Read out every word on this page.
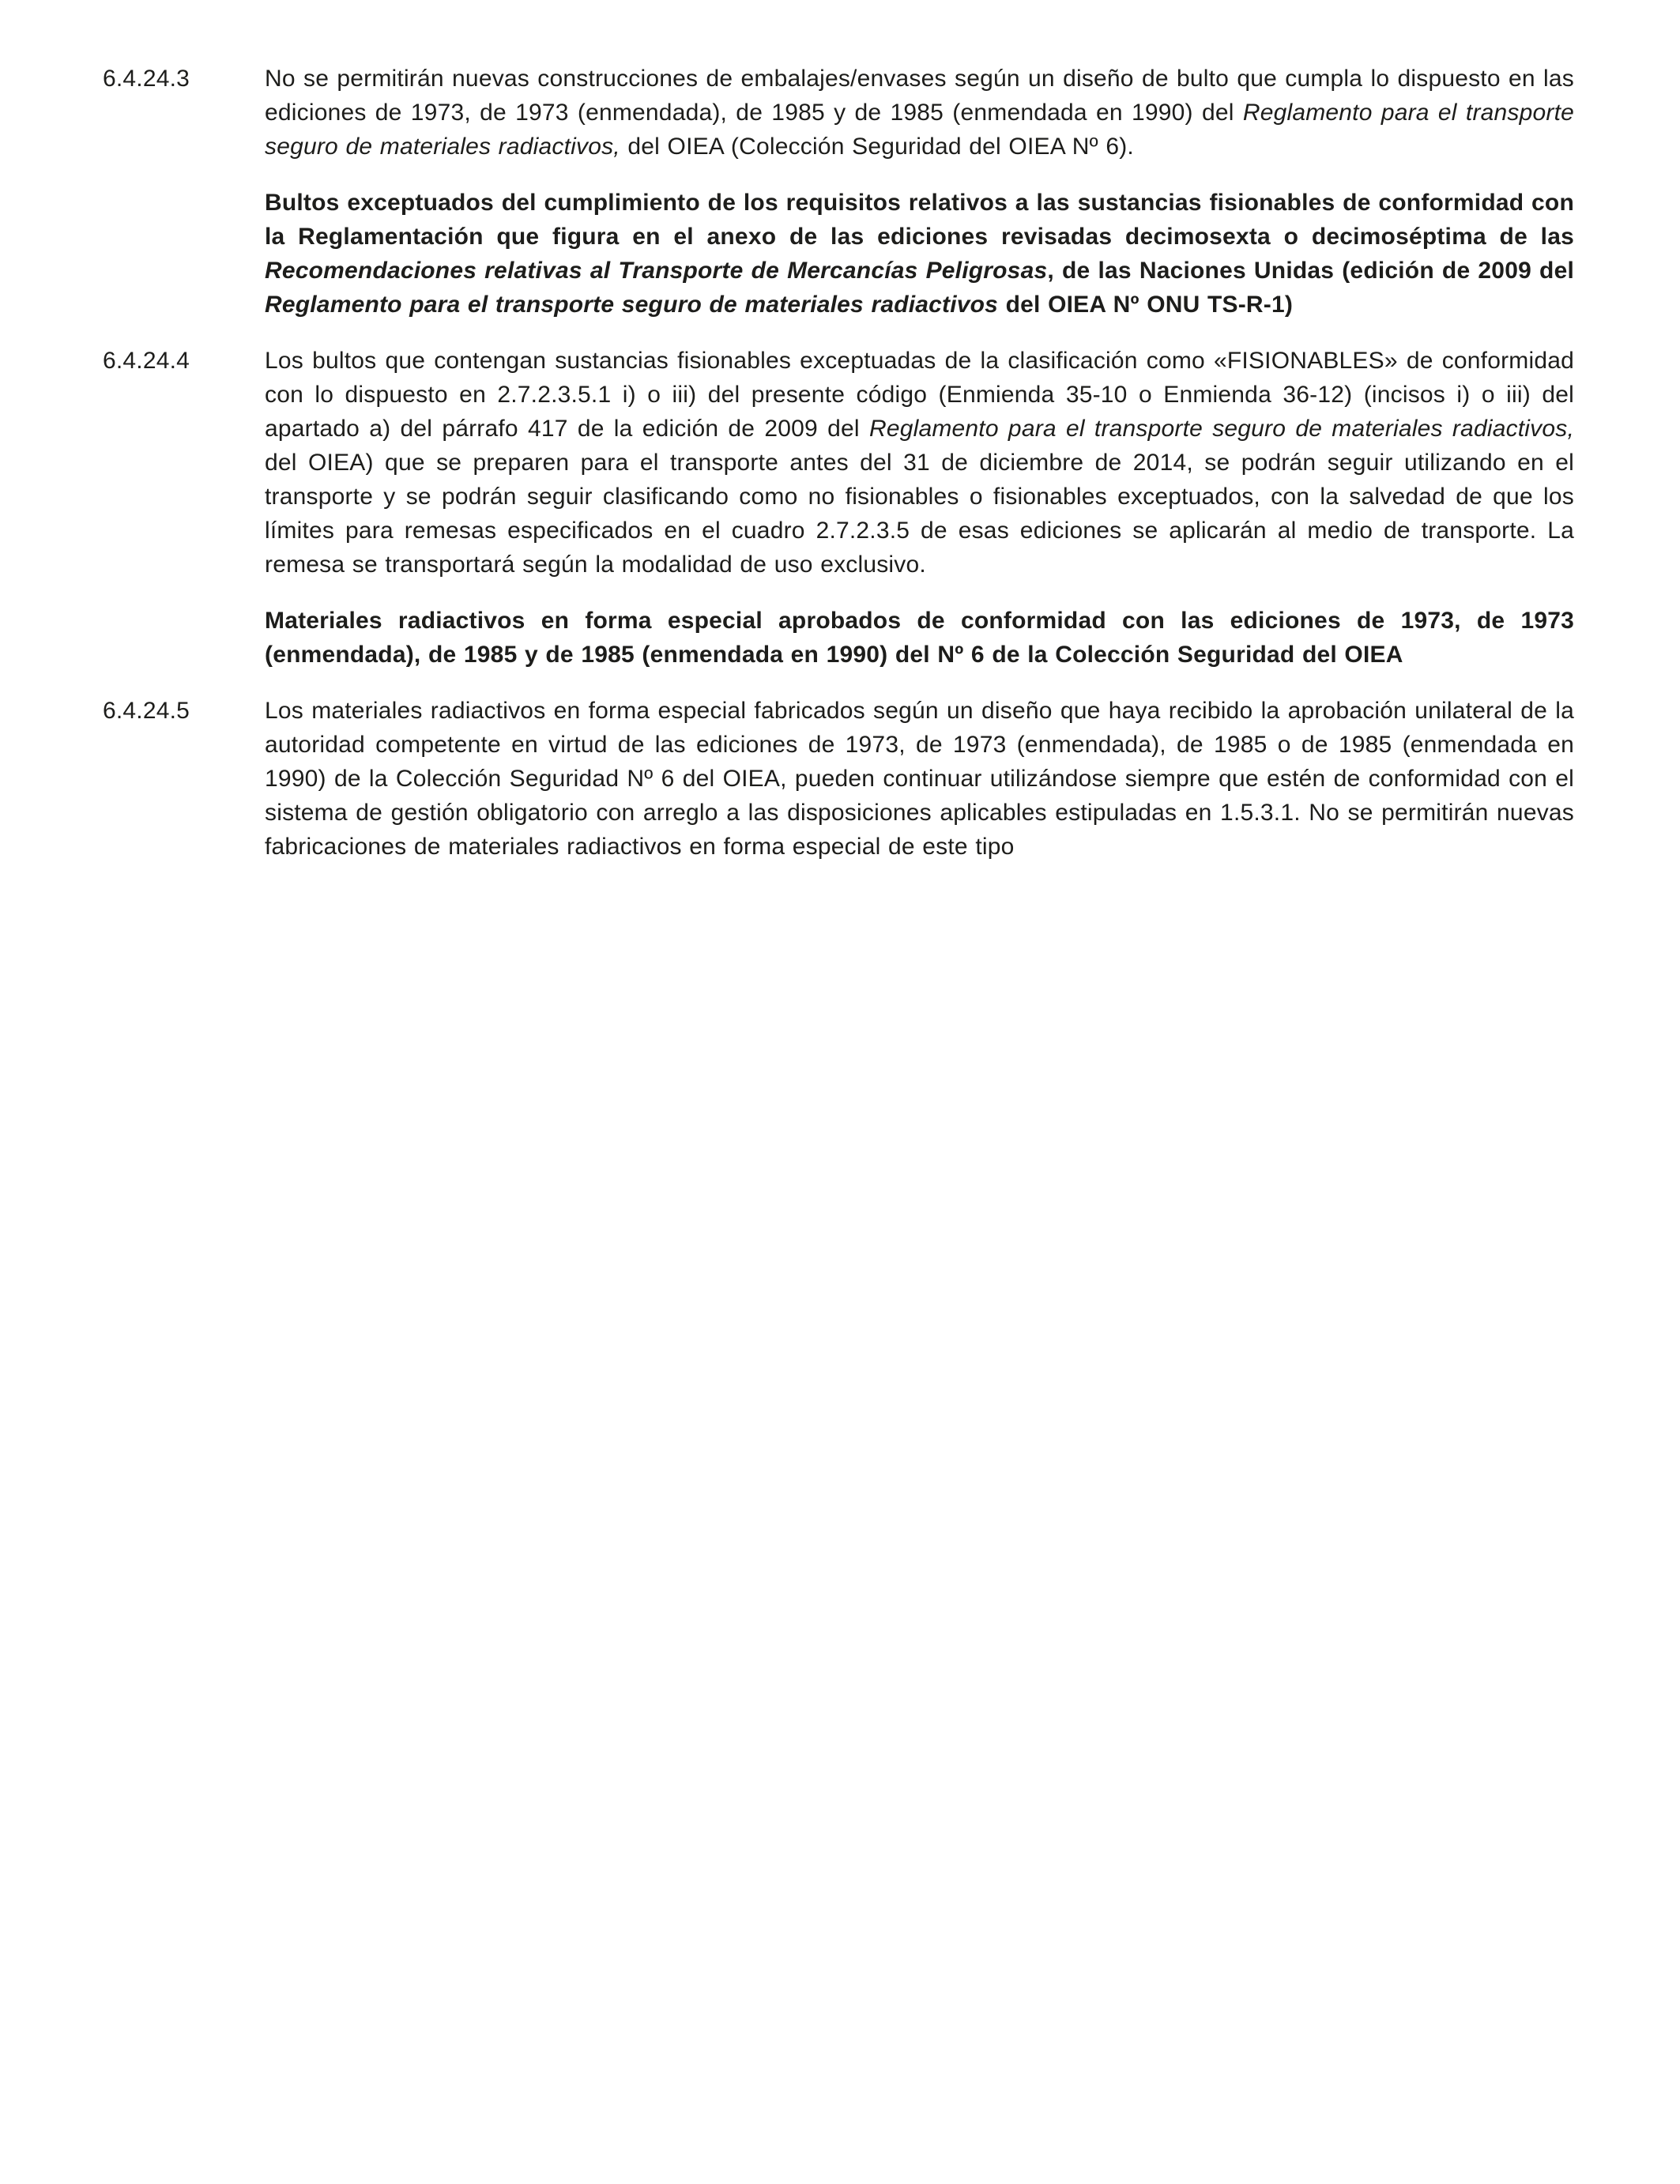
6.4.24.3	No se permitirán nuevas construcciones de embalajes/envases según un diseño de bulto que cumpla lo dispuesto en las ediciones de 1973, de 1973 (enmendada), de 1985 y de 1985 (enmendada en 1990) del Reglamento para el transporte seguro de materiales radiactivos, del OIEA (Colección Seguridad del OIEA Nº 6).
Bultos exceptuados del cumplimiento de los requisitos relativos a las sustancias fisionables de conformidad con la Reglamentación que figura en el anexo de las ediciones revisadas decimosexta o decimoséptima de las Recomendaciones relativas al Transporte de Mercancías Peligrosas, de las Naciones Unidas (edición de 2009 del Reglamento para el transporte seguro de materiales radiactivos del OIEA Nº ONU TS-R-1)
6.4.24.4	Los bultos que contengan sustancias fisionables exceptuadas de la clasificación como «FISIONABLES» de conformidad con lo dispuesto en 2.7.2.3.5.1 i) o iii) del presente código (Enmienda 35-10 o Enmienda 36-12) (incisos i) o iii) del apartado a) del párrafo 417 de la edición de 2009 del Reglamento para el transporte seguro de materiales radiactivos, del OIEA) que se preparen para el transporte antes del 31 de diciembre de 2014, se podrán seguir utilizando en el transporte y se podrán seguir clasificando como no fisionables o fisionables exceptuados, con la salvedad de que los límites para remesas especificados en el cuadro 2.7.2.3.5 de esas ediciones se aplicarán al medio de transporte. La remesa se transportará según la modalidad de uso exclusivo.
Materiales radiactivos en forma especial aprobados de conformidad con las ediciones de 1973, de 1973 (enmendada), de 1985 y de 1985 (enmendada en 1990) del Nº 6 de la Colección Seguridad del OIEA
6.4.24.5	Los materiales radiactivos en forma especial fabricados según un diseño que haya recibido la aprobación unilateral de la autoridad competente en virtud de las ediciones de 1973, de 1973 (enmendada), de 1985 o de 1985 (enmendada en 1990) de la Colección Seguridad Nº 6 del OIEA, pueden continuar utilizándose siempre que estén de conformidad con el sistema de gestión obligatorio con arreglo a las disposiciones aplicables estipuladas en 1.5.3.1. No se permitirán nuevas fabricaciones de materiales radiactivos en forma especial de este tipo
